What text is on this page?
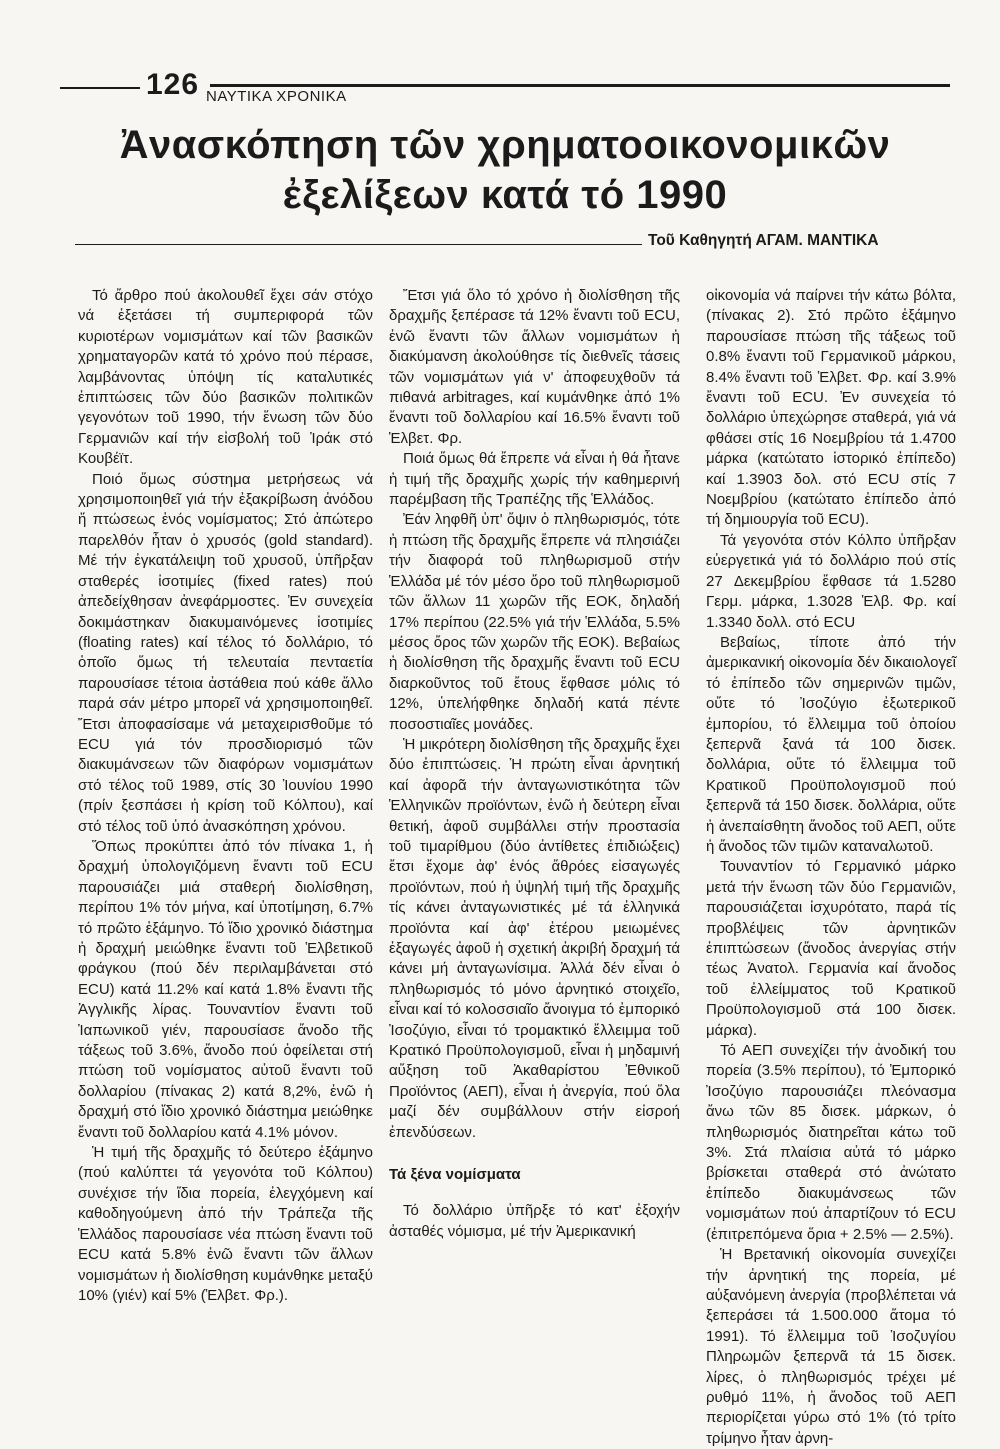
126 ΝΑΥΤΙΚΑ ΧΡΟΝΙΚΑ
Ἀνασκόπηση τῶν χρηματοοικονομικῶν
ἐξελίξεων κατά τό 1990
Τοῦ Καθηγητή ΑΓΑΜ. ΜΑΝΤΙΚΑ

Τό ἄρθρο πού ἀκολουθεῖ ἔχει σάν στόχο νά ἐξετάσει τή συμπεριφορά τῶν κυριοτέρων νομισμάτων καί τῶν βασικῶν χρηματαγορῶν κατά τό χρόνο πού πέρασε, λαμβάνοντας ὑπόψη τίς καταλυτικές ἐπιπτώσεις τῶν δύο βασικῶν πολιτικῶν γεγονότων τοῦ 1990, τήν ἕνωση τῶν δύο Γερμανιῶν καί τήν εἰσβολή τοῦ Ἰράκ στό Κουβέϊτ.

Ποιό ὅμως σύστημα μετρήσεως νά χρησιμοποιηθεῖ γιά τήν ἐξακρίβωση ἀνόδου ἤ πτώσεως ἑνός νομίσματος; Στό ἀπώτερο παρελθόν ἦταν ὁ χρυσός (gold standard). Μέ τήν ἐγκατάλειψη τοῦ χρυσοῦ, ὑπῆρξαν σταθερές ἰσοτιμίες (fixed rates) πού ἀπεδείχθησαν ἀνεφάρμοστες. Ἐν συνεχεία δοκιμάστηκαν διακυμαινόμενες ἰσοτιμίες (floating rates) καί τέλος τό δολλάριο, τό ὁποῖο ὅμως τή τελευταία πενταετία παρουσίασε τέτοια ἀστάθεια πού κάθε ἄλλο παρά σάν μέτρο μπορεῖ νά χρησιμοποιηθεῖ. Ἔτσι ἀποφασίσαμε νά μεταχειρισθοῦμε τό ECU γιά τόν προσδιορισμό τῶν διακυμάνσεων τῶν διαφόρων νομισμάτων στό τέλος τοῦ 1989, στίς 30 Ἰουνίου 1990 (πρίν ξεσπάσει ἡ κρίση τοῦ Κόλπου), καί στό τέλος τοῦ ὑπό ἀνασκόπηση χρόνου.

Ὅπως προκύπτει ἀπό τόν πίνακα 1, ἡ δραχμή ὑπολογιζόμενη ἔναντι τοῦ ECU παρουσιάζει μιά σταθερή διολίσθηση, περίπου 1% τόν μήνα, καί ὑποτίμηση, 6.7% τό πρῶτο ἑξάμηνο. Τό ἴδιο χρονικό διάστημα ἡ δραχμή μειώθηκε ἔναντι τοῦ Ἑλβετικοῦ φράγκου (πού δέν περιλαμβάνεται στό ECU) κατά 11.2% καί κατά 1.8% ἔναντι τῆς Ἀγγλικῆς λίρας. Τουναντίον ἔναντι τοῦ Ἰαπωνικοῦ γιέν, παρουσίασε ἄνοδο τῆς τάξεως τοῦ 3.6%, ἄνοδο πού ὀφείλεται στή πτώση τοῦ νομίσματος αὐτοῦ ἔναντι τοῦ δολλαρίου (πίνακας 2) κατά 8,2%, ἐνῶ ἡ δραχμή στό ἴδιο χρονικό διάστημα μειώθηκε ἔναντι τοῦ δολλαρίου κατά 4.1% μόνον.

Ἡ τιμή τῆς δραχμῆς τό δεύτερο ἑξάμηνο (πού καλύπτει τά γεγονότα τοῦ Κόλπου) συνέχισε τήν ἴδια πορεία, ἐλεγχόμενη καί καθοδηγούμενη ἀπό τήν Τράπεζα τῆς Ἑλλάδος παρουσίασε νέα πτώση ἔναντι τοῦ ECU κατά 5.8% ἐνῶ ἔναντι τῶν ἄλλων νομισμάτων ἡ διολίσθηση κυμάνθηκε μεταξύ 10% (γιέν) καί 5% (Ἑλβετ. Φρ.).

Ἔτσι γιά ὅλο τό χρόνο ἡ διολίσθηση τῆς δραχμῆς ξεπέρασε τά 12% ἔναντι τοῦ ECU, ἐνῶ ἔναντι τῶν ἄλλων νομισμάτων ἡ διακύμανση ἀκολούθησε τίς διεθνεῖς τάσεις τῶν νομισμάτων γιά ν' ἀποφευχθοῦν τά πιθανά arbitrages, καί κυμάνθηκε ἀπό 1% ἔναντι τοῦ δολλαρίου καί 16.5% ἔναντι τοῦ Ἑλβετ. Φρ.

Ποιά ὅμως θά ἔπρεπε νά εἶναι ἡ θά ἦτανε ἡ τιμή τῆς δραχμῆς χωρίς τήν καθημερινή παρέμβαση τῆς Τραπέζης τῆς Ἑλλάδος.

Ἐάν ληφθῆ ὑπ' ὄψιν ὁ πληθωρισμός, τότε ἡ πτώση τῆς δραχμῆς ἔπρεπε νά πλησιάζει τήν διαφορά τοῦ πληθωρισμοῦ στήν Ἑλλάδα μέ τόν μέσο ὄρο τοῦ πληθωρισμοῦ τῶν ἄλλων 11 χωρῶν τῆς ΕΟΚ, δηλαδή 17% περίπου (22.5% γιά τήν Ἑλλάδα, 5.5% μέσος ὄρος τῶν χωρῶν τῆς ΕΟΚ). Βεβαίως ἡ διολίσθηση τῆς δραχμῆς ἔναντι τοῦ ECU διαρκοῦντος τοῦ ἔτους ἔφθασε μόλις τό 12%, ὑπελήφθηκε δηλαδή κατά πέντε ποσοστιαῖες μονάδες.

Ἡ μικρότερη διολίσθηση τῆς δραχμῆς ἔχει δύο ἐπιπτώσεις. Ἡ πρώτη εἶναι ἀρνητική καί ἀφορᾶ τήν ἀνταγωνιστικότητα τῶν Ἑλληνικῶν προϊόντων, ἐνῶ ἡ δεύτερη εἶναι θετική, ἀφοῦ συμβάλλει στήν προστασία τοῦ τιμαρίθμου (δύο ἀντίθετες ἐπιδιώξεις) ἔτσι ἔχομε ἀφ' ἑνός ἄθρόες εἰσαγωγές προϊόντων, πού ἡ ὑψηλή τιμή τῆς δραχμῆς τίς κάνει ἀνταγωνιστικές μέ τά ἑλληνικά προϊόντα καί ἀφ' ἑτέρου μειωμένες ἐξαγωγές ἀφοῦ ἡ σχετική ἀκριβή δραχμή τά κάνει μή ἀνταγωνίσιμα. Ἀλλά δέν εἶναι ὁ πληθωρισμός τό μόνο ἀρνητικό στοιχεῖο, εἶναι καί τό κολοσσιαῖο ἄνοιγμα τό ἐμπορικό Ἰσοζύγιο, εἶναι τό τρομακτικό ἔλλειμμα τοῦ Κρατικό Προϋπολογισμοῦ, εἶναι ἡ μηδαμινή αὔξηση τοῦ Ἀκαθαρίστου Ἐθνικοῦ Προϊόντος (ΑΕΠ), εἶναι ἡ ἀνεργία, πού ὅλα μαζί δέν συμβάλλουν στήν εἰσροή ἐπενδύσεων.

Τά ξένα νομίσματα

Τό δολλάριο ὑπῆρξε τό κατ' ἐξοχήν ἀσταθές νόμισμα, μέ τήν Ἀμερικανική

οἰκονομία νά παίρνει τήν κάτω βόλτα, (πίνακας 2). Στό πρῶτο ἑξάμηνο παρουσίασε πτώση τῆς τάξεως τοῦ 0.8% ἔναντι τοῦ Γερμανικοῦ μάρκου, 8.4% ἔναντι τοῦ Ἑλβετ. Φρ. καί 3.9% ἔναντι τοῦ ECU. Ἐν συνεχεία τό δολλάριο ὑπεχώρησε σταθερά, γιά νά φθάσει στίς 16 Νοεμβρίου τά 1.4700 μάρκα (κατώτατο ἱστορικό ἐπίπεδο) καί 1.3903 δολ. στό ECU στίς 7 Νοεμβρίου (κατώτατο ἐπίπεδο ἀπό τή δημιουργία τοῦ ECU).

Τά γεγονότα στόν Κόλπο ὑπῆρξαν εὐεργετικά γιά τό δολλάριο πού στίς 27 Δεκεμβρίου ἔφθασε τά 1.5280 Γερμ. μάρκα, 1.3028 Ἑλβ. Φρ. καί 1.3340 δολλ. στό ECU

Βεβαίως, τίποτε ἀπό τήν ἀμερικανική οἰκονομία δέν δικαιολογεῖ τό ἐπίπεδο τῶν σημερινῶν τιμῶν, οὔτε τό Ἰσοζύγιο ἐξωτερικοῦ ἐμπορίου, τό ἔλλειμμα τοῦ ὁποίου ξεπερνᾶ ξανά τά 100 δισεκ. δολλάρια, οὔτε τό ἔλλειμμα τοῦ Κρατικοῦ Προϋπολογισμοῦ πού ξεπερνᾶ τά 150 δισεκ. δολλάρια, οὔτε ἡ ἀνεπαίσθητη ἄνοδος τοῦ ΑΕΠ, οὔτε ἡ ἄνοδος τῶν τιμῶν καταναλωτοῦ.

Τουναντίον τό Γερμανικό μάρκο μετά τήν ἕνωση τῶν δύο Γερμανιῶν, παρουσιάζεται ἰσχυρότατο, παρά τίς προβλέψεις τῶν ἀρνητικῶν ἐπιπτώσεων (ἄνοδος ἀνεργίας στήν τέως Ἀνατολ. Γερμανία καί ἄνοδος τοῦ ἐλλείμματος τοῦ Κρατικοῦ Προϋπολογισμοῦ στά 100 δισεκ. μάρκα).

Τό ΑΕΠ συνεχίζει τήν ἀνοδική του πορεία (3.5% περίπου), τό Ἐμπορικό Ἰσοζύγιο παρουσιάζει πλεόνασμα ἄνω τῶν 85 δισεκ. μάρκων, ὁ πληθωρισμός διατηρεῖται κάτω τοῦ 3%. Στά πλαίσια αὐτά τό μάρκο βρίσκεται σταθερά στό ἀνώτατο ἐπίπεδο διακυμάνσεως τῶν νομισμάτων πού ἀπαρτίζουν τό ECU (ἐπιτρεπόμενα ὅρια + 2.5% — 2.5%).

Ἡ Βρετανική οἰκονομία συνεχίζει τήν ἀρνητική της πορεία, μέ αὐξανόμενη ἀνεργία (προβλέπεται νά ξεπεράσει τά 1.500.000 ἄτομα τό 1991). Τό ἔλλειμμα τοῦ Ἰσοζυγίου Πληρωμῶν ξεπερνᾶ τά 15 δισεκ. λίρες, ὁ πληθωρισμός τρέχει μέ ρυθμό 11%, ἡ ἄνοδος τοῦ ΑΕΠ περιορίζεται γύρω στό 1% (τό τρίτο τρίμηνο ἦταν ἀρνη-
